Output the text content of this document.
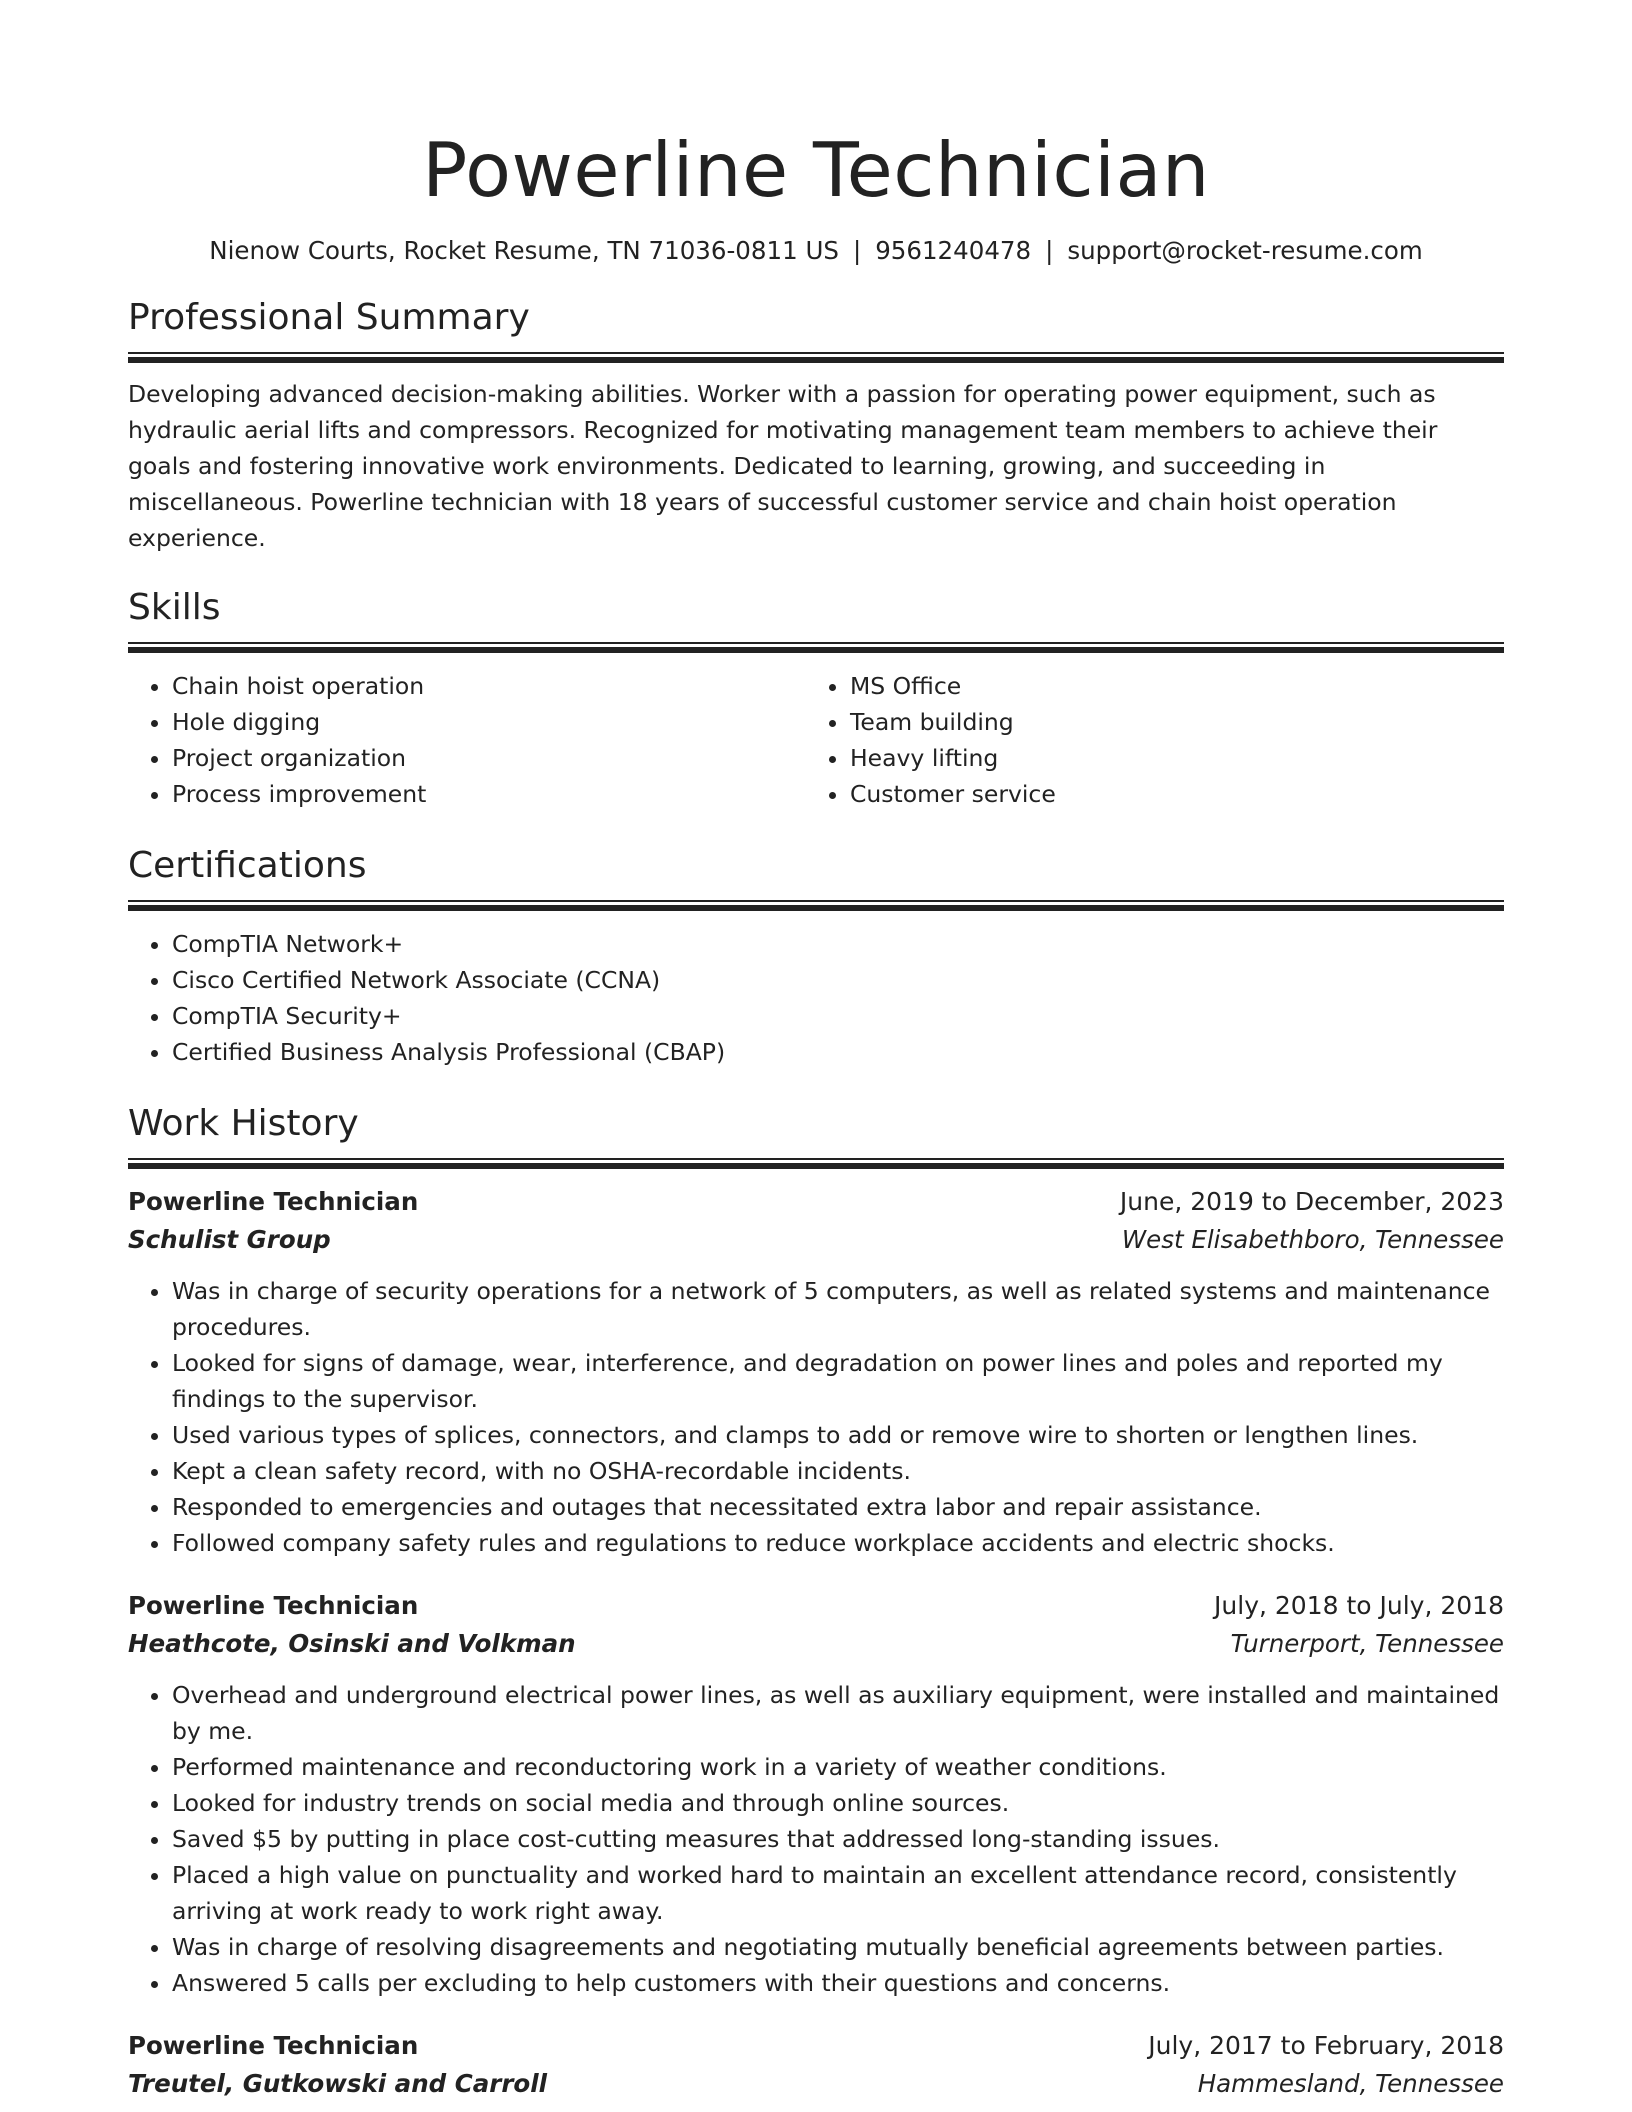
Powerline Technician
Nienow Courts, Rocket Resume, TN 71036-0811 US | 9561240478 | support@rocket-resume.com
Professional Summary

Developing advanced decision-making abilities. Worker with a passion for operating power equipment, such as hydraulic aerial lifts and compressors. Recognized for motivating management team members to achieve their goals and fostering innovative work environments. Dedicated to learning, growing, and succeeding in miscellaneous. Powerline technician with 18 years of successful customer service and chain hoist operation experience.

Skills
• Chain hoist operation
• Hole digging
• Project organization
• Process improvement
• MS Office
• Team building
• Heavy lifting
• Customer service
Certifications
• CompTIA Network+
• Cisco Certified Network Associate (CCNA)
• CompTIA Security+
• Certified Business Analysis Professional (CBAP)
Work History
Powerline Technician	June, 2019 to December, 2023
Schulist Group	West Elisabethboro, Tennessee
• Was in charge of security operations for a network of 5 computers, as well as related systems and maintenance procedures.
• Looked for signs of damage, wear, interference, and degradation on power lines and poles and reported my findings to the supervisor.
• Used various types of splices, connectors, and clamps to add or remove wire to shorten or lengthen lines.
• Kept a clean safety record, with no OSHA-recordable incidents.
• Responded to emergencies and outages that necessitated extra labor and repair assistance.
• Followed company safety rules and regulations to reduce workplace accidents and electric shocks.
Powerline Technician	July, 2018 to July, 2018
Heathcote, Osinski and Volkman	Turnerport, Tennessee
• Overhead and underground electrical power lines, as well as auxiliary equipment, were installed and maintained by me.
• Performed maintenance and reconductoring work in a variety of weather conditions.
• Looked for industry trends on social media and through online sources.
• Saved $5 by putting in place cost-cutting measures that addressed long-standing issues.
• Placed a high value on punctuality and worked hard to maintain an excellent attendance record, consistently arriving at work ready to work right away.
• Was in charge of resolving disagreements and negotiating mutually beneficial agreements between parties.
• Answered 5 calls per excluding to help customers with their questions and concerns.
Powerline Technician	July, 2017 to February, 2018
Treutel, Gutkowski and Carroll	Hammesland, Tennessee
